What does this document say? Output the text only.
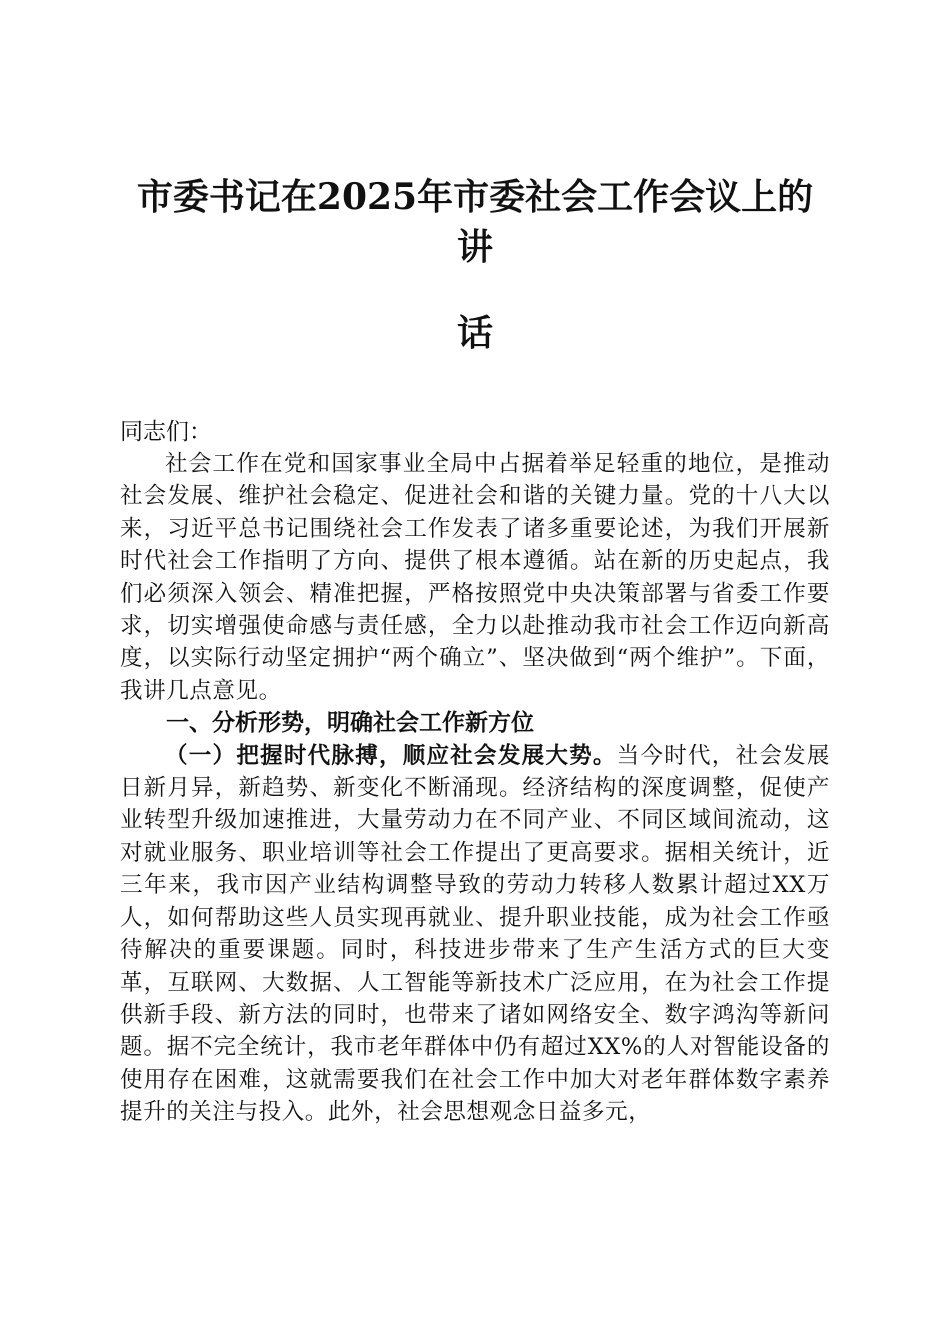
市委书记在2025年市委社会工作会议上的讲
话
同志们：

社会工作在党和国家事业全局中占据着举足轻重的地位，是推动社会发展、维护社会稳定、促进社会和谐的关键力量。党的十八大以来，习近平总书记围绕社会工作发表了诸多重要论述，为我们开展新时代社会工作指明了方向、提供了根本遵循。站在新的历史起点，我们必须深入领会、精准把握，严格按照党中央决策部署与省委工作要求，切实增强使命感与责任感，全力以赴推动我市社会工作迈向新高度，以实际行动坚定拥护“两个确立”、坚决做到“两个维护”。下面，我讲几点意见。

一、分析形势，明确社会工作新方位

（一）把握时代脉搏，顺应社会发展大势。当今时代，社会发展日新月异，新趋势、新变化不断涌现。经济结构的深度调整，促使产业转型升级加速推进，大量劳动力在不同产业、不同区域间流动，这对就业服务、职业培训等社会工作提出了更高要求。据相关统计，近三年来，我市因产业结构调整导致的劳动力转移人数累计超过XX万人，如何帮助这些人员实现再就业、提升职业技能，成为社会工作亟待解决的重要课题。同时，科技进步带来了生产生活方式的巨大变革，互联网、大数据、人工智能等新技术广泛应用，在为社会工作提供新手段、新方法的同时，也带来了诸如网络安全、数字鸿沟等新问题。据不完全统计，我市老年群体中仍有超过XX%的人对智能设备的使用存在困难，这就需要我们在社会工作中加大对老年群体数字素养提升的关注与投入。此外，社会思想观念日益多元，
